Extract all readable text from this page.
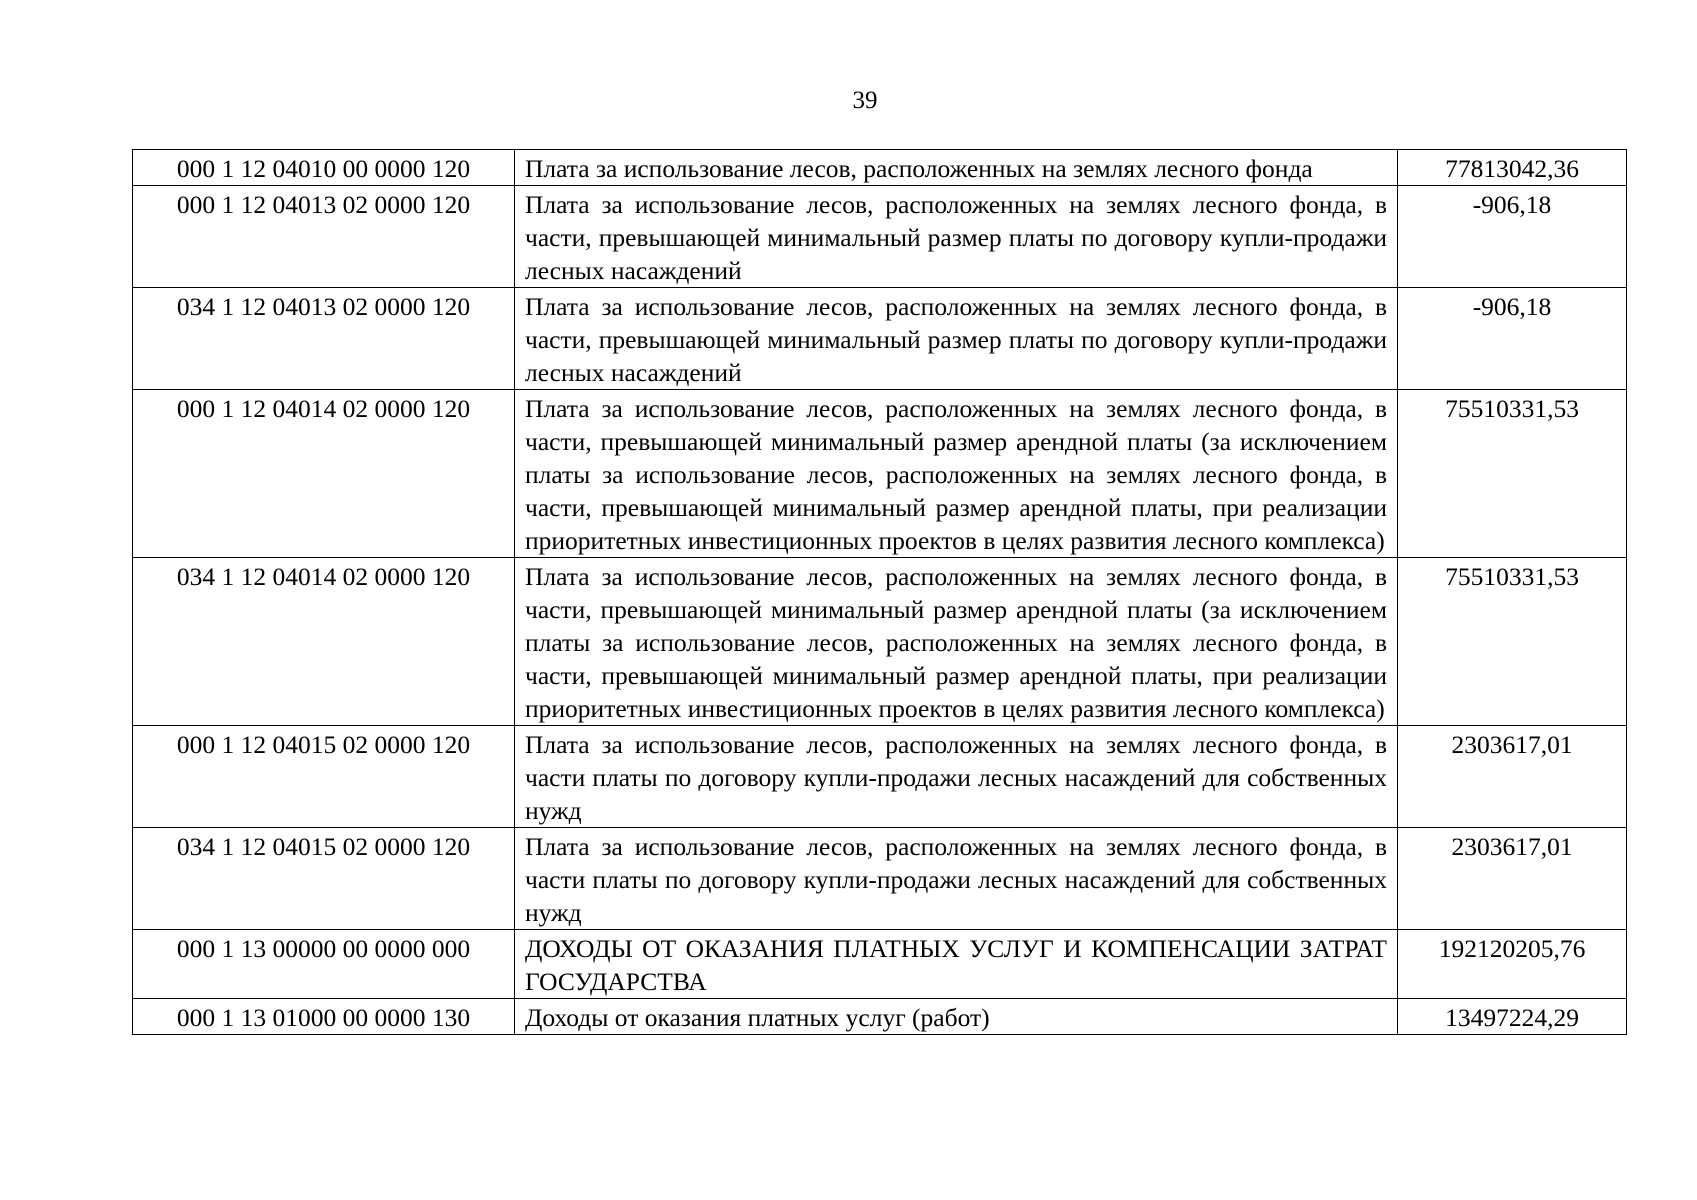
39
000 1 12 04010 00 0000 120	Плата за использование лесов, расположенных на землях лесного фонда	77813042,36
000 1 12 04013 02 0000 120	Плата за использование лесов, расположенных на землях лесного фонда, в части, превышающей минимальный размер платы по договору купли-продажи лесных насаждений	-906,18
034 1 12 04013 02 0000 120	Плата за использование лесов, расположенных на землях лесного фонда, в части, превышающей минимальный размер платы по договору купли-продажи лесных насаждений	-906,18
000 1 12 04014 02 0000 120	Плата за использование лесов, расположенных на землях лесного фонда, в части, превышающей минимальный размер арендной платы (за исключением платы за использование лесов, расположенных на землях лесного фонда, в части, превышающей минимальный размер арендной платы, при реализации приоритетных инвестиционных проектов в целях развития лесного комплекса)	75510331,53
034 1 12 04014 02 0000 120	Плата за использование лесов, расположенных на землях лесного фонда, в части, превышающей минимальный размер арендной платы (за исключением платы за использование лесов, расположенных на землях лесного фонда, в части, превышающей минимальный размер арендной платы, при реализации приоритетных инвестиционных проектов в целях развития лесного комплекса)	75510331,53
000 1 12 04015 02 0000 120	Плата за использование лесов, расположенных на землях лесного фонда, в части платы по договору купли-продажи лесных насаждений для собственных нужд	2303617,01
034 1 12 04015 02 0000 120	Плата за использование лесов, расположенных на землях лесного фонда, в части платы по договору купли-продажи лесных насаждений для собственных нужд	2303617,01
000 1 13 00000 00 0000 000	ДОХОДЫ ОТ ОКАЗАНИЯ ПЛАТНЫХ УСЛУГ И КОМПЕНСАЦИИ ЗАТРАТ ГОСУДАРСТВА	192120205,76
000 1 13 01000 00 0000 130	Доходы от оказания платных услуг (работ)	13497224,29
